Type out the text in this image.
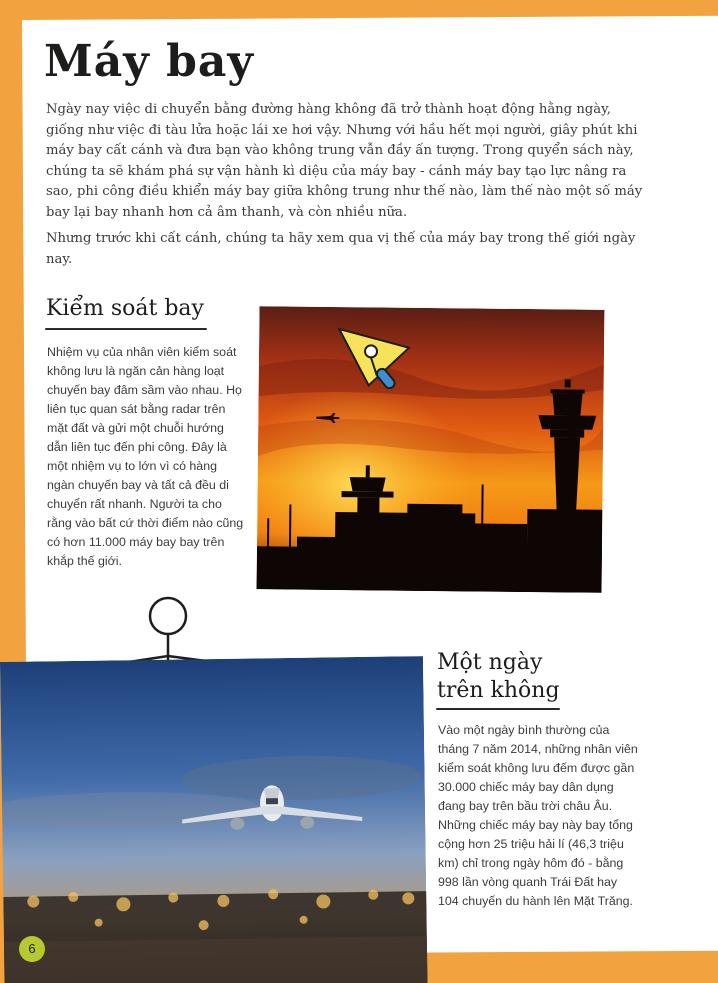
Máy bay

Ngày nay việc di chuyển bằng đường hàng không đã trở thành hoạt động hằng ngày, giống như việc đi tàu lửa hoặc lái xe hơi vậy. Nhưng với hầu hết mọi người, giây phút khi máy bay cất cánh và đưa bạn vào không trung vẫn đầy ấn tượng. Trong quyển sách này, chúng ta sẽ khám phá sự vận hành kì diệu của máy bay - cánh máy bay tạo lực nâng ra sao, phi công điều khiển máy bay giữa không trung như thế nào, làm thế nào một số máy bay lại bay nhanh hơn cả âm thanh, và còn nhiều nữa.

Nhưng trước khi cất cánh, chúng ta hãy xem qua vị thế của máy bay trong thế giới ngày nay.

Kiểm soát bay
Nhiệm vụ của nhân viên kiểm soát không lưu là ngăn cản hàng loạt chuyến bay đâm sầm vào nhau. Họ liên tục quan sát bằng radar trên mặt đất và gửi một chuỗi hướng dẫn liên tục đến phi công. Đây là một nhiệm vụ to lớn vì có hàng ngàn chuyến bay và tất cả đều di chuyển rất nhanh. Người ta cho rằng vào bất cứ thời điểm nào cũng có hơn 11.000 máy bay bay trên khắp thế giới.
Một ngày
trên không
Vào một ngày bình thường của tháng 7 năm 2014, những nhân viên kiểm soát không lưu đếm được gần 30.000 chiếc máy bay dân dụng đang bay trên bầu trời châu Âu. Những chiếc máy bay này bay tổng cộng hơn 25 triệu hải lí (46,3 triệu km) chỉ trong ngày hôm đó - bằng 998 lần vòng quanh Trái Đất hay 104 chuyến du hành lên Mặt Trăng.
6
